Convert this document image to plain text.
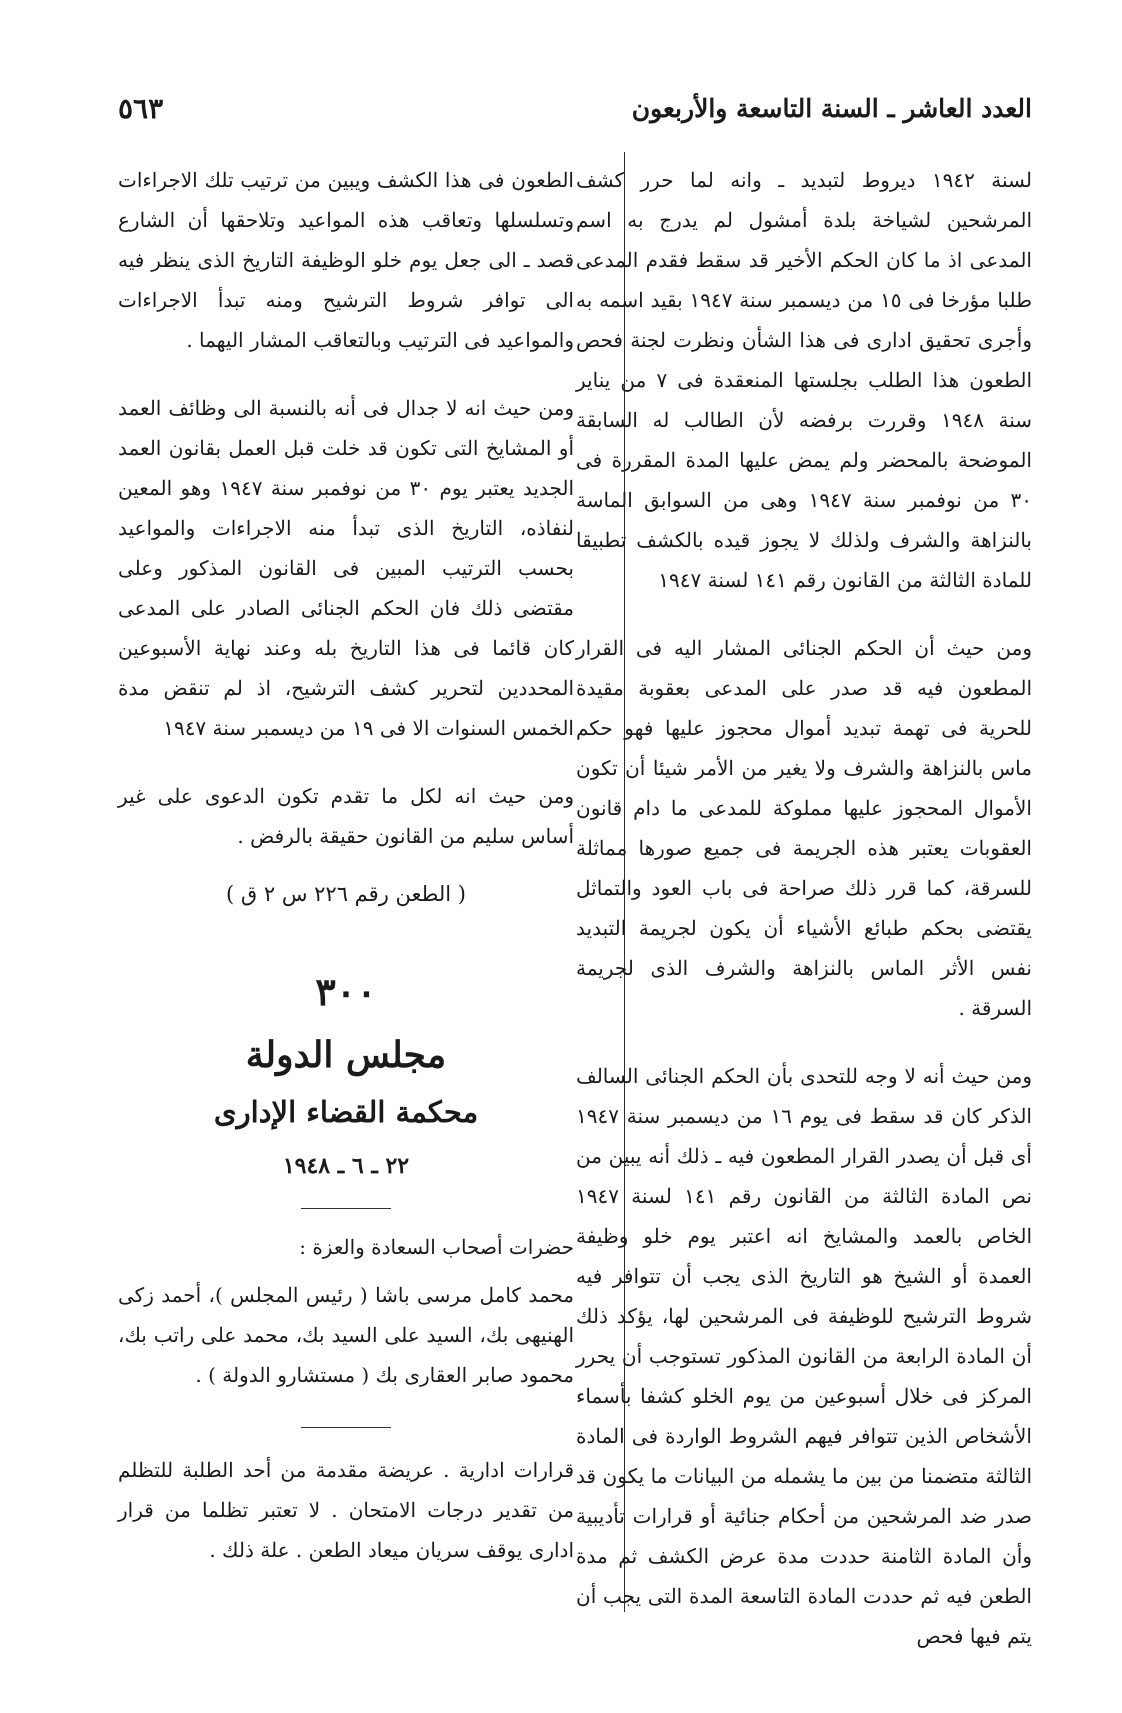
العدد العاشر ـ السنة التاسعة والأربعون
٥٦٣

لسنة ١٩٤٢ ديروط لتبديد ـ وانه لما حرر كشف المرشحين لشياخة بلدة أمشول لم يدرج به اسم المدعى اذ ما كان الحكم الأخير قد سقط فقدم المدعى طلبا مؤرخا فى ١٥ من ديسمبر سنة ١٩٤٧ بقيد اسمه به وأجرى تحقيق ادارى فى هذا الشأن ونظرت لجنة فحص الطعون هذا الطلب بجلستها المنعقدة فى ٧ من يناير سنة ١٩٤٨ وقررت برفضه لأن الطالب له السابقة الموضحة بالمحضر ولم يمض عليها المدة المقررة فى ٣٠ من نوفمبر سنة ١٩٤٧ وهى من السوابق الماسة بالنزاهة والشرف ولذلك لا يجوز قيده بالكشف تطبيقا للمادة الثالثة من القانون رقم ١٤١ لسنة ١٩٤٧

ومن حيث أن الحكم الجنائى المشار اليه فى القرار المطعون فيه قد صدر على المدعى بعقوبة مقيدة للحرية فى تهمة تبديد أموال محجوز عليها فهو حكم ماس بالنزاهة والشرف ولا يغير من الأمر شيئا أن تكون الأموال المحجوز عليها مملوكة للمدعى ما دام قانون العقوبات يعتبر هذه الجريمة فى جميع صورها مماثلة للسرقة، كما قرر ذلك صراحة فى باب العود والتماثل يقتضى بحكم طبائع الأشياء أن يكون لجريمة التبديد نفس الأثر الماس بالنزاهة والشرف الذى لجريمة السرقة .

ومن حيث أنه لا وجه للتحدى بأن الحكم الجنائى السالف الذكر كان قد سقط فى يوم ١٦ من ديسمبر سنة ١٩٤٧ أى قبل أن يصدر القرار المطعون فيه ـ ذلك أنه يبين من نص المادة الثالثة من القانون رقم ١٤١ لسنة ١٩٤٧ الخاص بالعمد والمشايخ انه اعتبر يوم خلو وظيفة العمدة أو الشيخ هو التاريخ الذى يجب أن تتوافر فيه شروط الترشيح للوظيفة فى المرشحين لها، يؤكد ذلك أن المادة الرابعة من القانون المذكور تستوجب أن يحرر المركز فى خلال أسبوعين من يوم الخلو كشفا بأسماء الأشخاص الذين تتوافر فيهم الشروط الواردة فى المادة الثالثة متضمنا من بين ما يشمله من البيانات ما يكون قد صدر ضد المرشحين من أحكام جنائية أو قرارات تأديبية وأن المادة الثامنة حددت مدة عرض الكشف ثم مدة الطعن فيه ثم حددت المادة التاسعة المدة التى يجب أن يتم فيها فحص

الطعون فى هذا الكشف ويبين من ترتيب تلك الاجراءات وتسلسلها وتعاقب هذه المواعيد وتلاحقها أن الشارع قصد ـ الى جعل يوم خلو الوظيفة التاريخ الذى ينظر فيه الى توافر شروط الترشيح ومنه تبدأ الاجراءات والمواعيد فى الترتيب وبالتعاقب المشار اليهما .

ومن حيث انه لا جدال فى أنه بالنسبة الى وظائف العمد أو المشايخ التى تكون قد خلت قبل العمل بقانون العمد الجديد يعتبر يوم ٣٠ من نوفمبر سنة ١٩٤٧ وهو المعين لنفاذه، التاريخ الذى تبدأ منه الاجراءات والمواعيد بحسب الترتيب المبين فى القانون المذكور وعلى مقتضى ذلك فان الحكم الجنائى الصادر على المدعى كان قائما فى هذا التاريخ بله وعند نهاية الأسبوعين المحددين لتحرير كشف الترشيح، اذ لم تنقض مدة الخمس السنوات الا فى ١٩ من ديسمبر سنة ١٩٤٧

ومن حيث انه لكل ما تقدم تكون الدعوى على غير أساس سليم من القانون حقيقة بالرفض .

( الطعن رقم ٢٢٦ س ٢ ق )

٣٠٠

مجلس الدولة

محكمة القضاء الإدارى

٢٢ ـ ٦ ـ ١٩٤٨

حضرات أصحاب السعادة والعزة :

محمد كامل مرسى باشا ( رئيس المجلس )، أحمد زكى الهنيهى بك، السيد على السيد بك، محمد على راتب بك، محمود صابر العقارى بك ( مستشارو الدولة ) .

قرارات ادارية . عريضة مقدمة من أحد الطلبة للتظلم من تقدير درجات الامتحان . لا تعتبر تظلما من قرار ادارى يوقف سريان ميعاد الطعن . علة ذلك .
